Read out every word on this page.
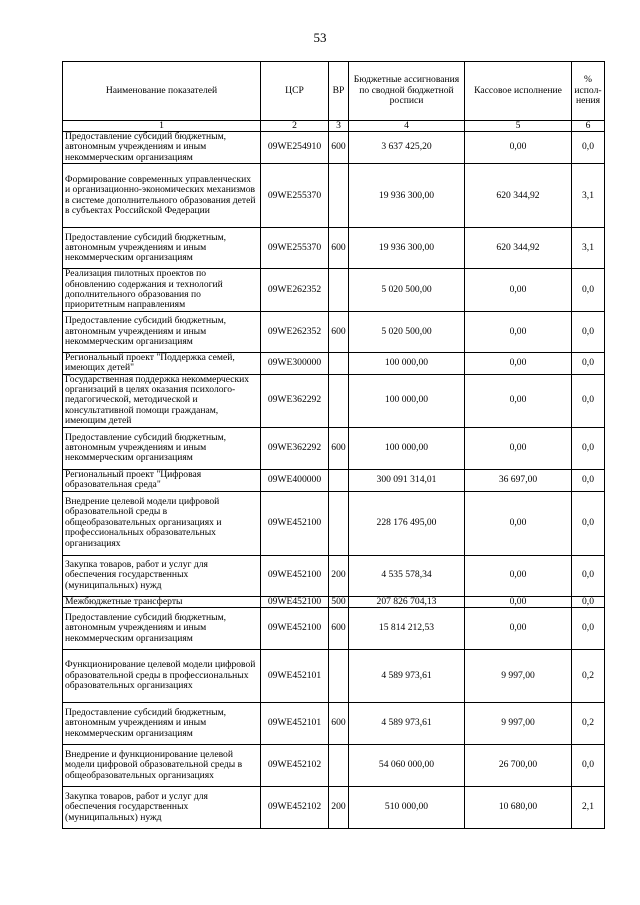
53
Наименование показателей	ЦСР	ВР	Бюджетные ассигнования по сводной бюджетной росписи	Кассовое исполнение	% испол-нения
1	2	3	4	5	6
Предоставление субсидий бюджетным, автономным учреждениям и иным некоммерческим организациям	09WE254910	600	3 637 425,20	0,00	0,0
Формирование современных управленческих и организационно-экономических механизмов в системе дополнительного образования детей в субъектах Российской Федерации	09WE255370		19 936 300,00	620 344,92	3,1
Предоставление субсидий бюджетным, автономным учреждениям и иным некоммерческим организациям	09WE255370	600	19 936 300,00	620 344,92	3,1
Реализация пилотных проектов по обновлению содержания и технологий дополнительного образования по приоритетным направлениям	09WE262352		5 020 500,00	0,00	0,0
Предоставление субсидий бюджетным, автономным учреждениям и иным некоммерческим организациям	09WE262352	600	5 020 500,00	0,00	0,0
Региональный проект "Поддержка семей, имеющих детей"	09WE300000		100 000,00	0,00	0,0
Государственная поддержка некоммерческих организаций в целях оказания психолого-педагогической, методической и консультативной помощи гражданам, имеющим детей	09WE362292		100 000,00	0,00	0,0
Предоставление субсидий бюджетным, автономным учреждениям и иным некоммерческим организациям	09WE362292	600	100 000,00	0,00	0,0
Региональный проект "Цифровая образовательная среда"	09WE400000		300 091 314,01	36 697,00	0,0
Внедрение целевой модели цифровой образовательной среды в общеобразовательных организациях и профессиональных образовательных организациях	09WE452100		228 176 495,00	0,00	0,0
Закупка товаров, работ и услуг для обеспечения государственных (муниципальных) нужд	09WE452100	200	4 535 578,34	0,00	0,0
Межбюджетные трансферты	09WE452100	500	207 826 704,13	0,00	0,0
Предоставление субсидий бюджетным, автономным учреждениям и иным некоммерческим организациям	09WE452100	600	15 814 212,53	0,00	0,0
Функционирование целевой модели цифровой образовательной среды в профессиональных образовательных организациях	09WE452101		4 589 973,61	9 997,00	0,2
Предоставление субсидий бюджетным, автономным учреждениям и иным некоммерческим организациям	09WE452101	600	4 589 973,61	9 997,00	0,2
Внедрение и функционирование целевой модели цифровой образовательной среды в общеобразовательных организациях	09WE452102		54 060 000,00	26 700,00	0,0
Закупка товаров, работ и услуг для обеспечения государственных (муниципальных) нужд	09WE452102	200	510 000,00	10 680,00	2,1
